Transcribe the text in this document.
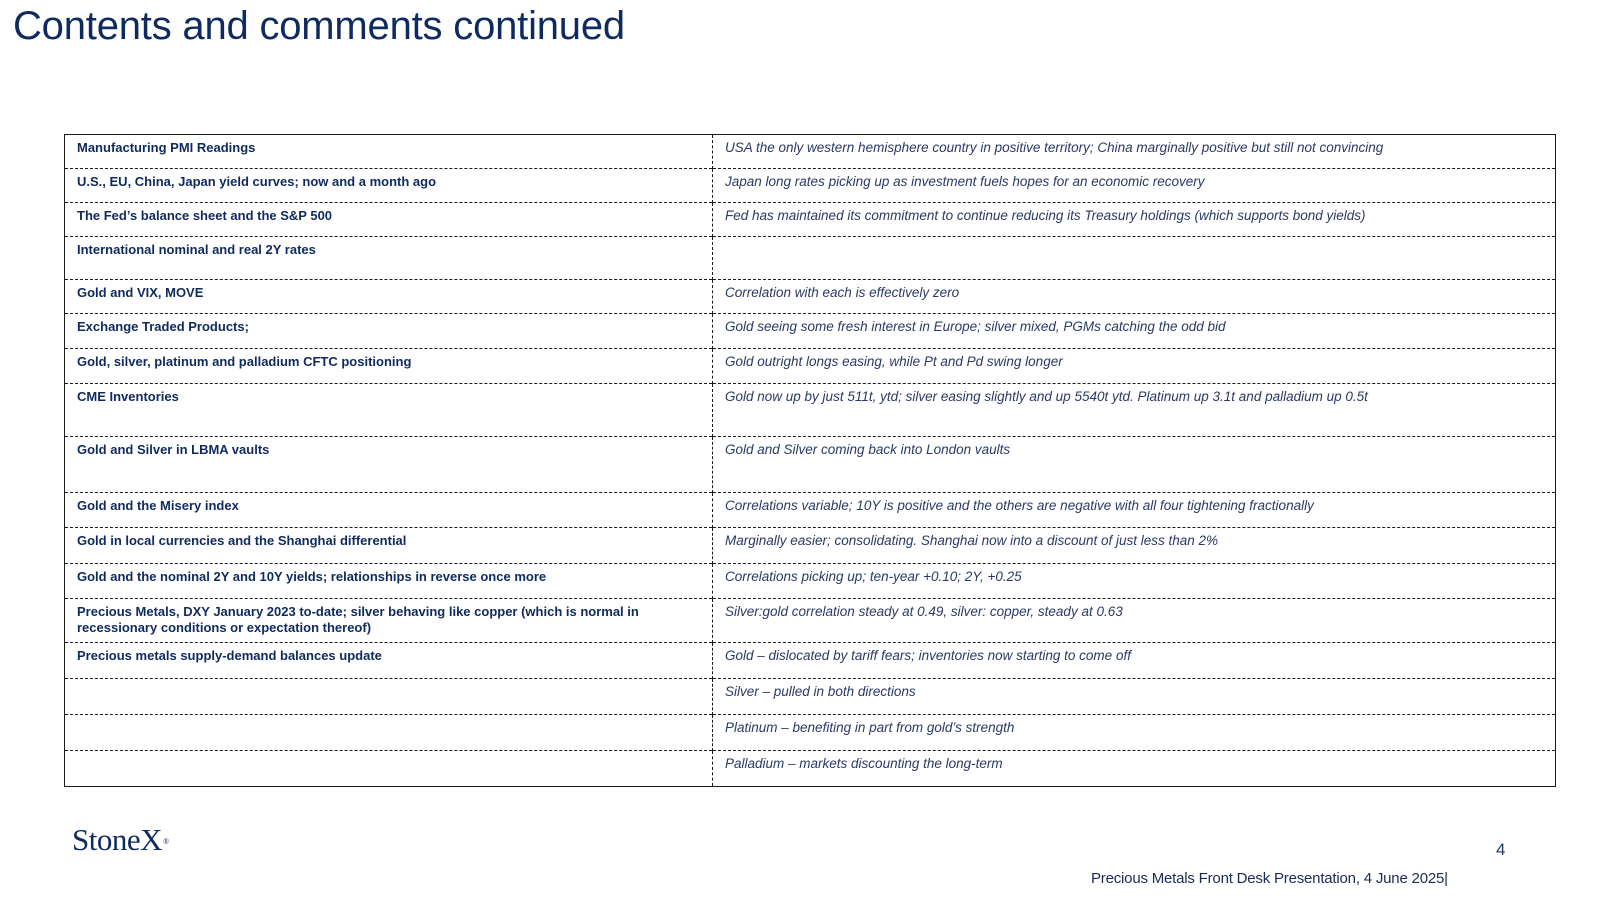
Contents and comments continued
Manufacturing PMI Readings	USA the only western hemisphere country in positive territory; China marginally positive but still not convincing
U.S., EU, China, Japan yield curves; now and a month ago	Japan long rates picking up as investment fuels hopes for an economic recovery
The Fed’s balance sheet and the S&P 500	Fed has maintained its commitment to continue reducing its Treasury holdings (which supports bond yields)
International nominal and real 2Y rates	
Gold and VIX, MOVE	Correlation with each is effectively zero
Exchange Traded Products;	Gold seeing some fresh interest in Europe; silver mixed, PGMs catching the odd bid
Gold, silver, platinum and palladium CFTC positioning	Gold outright longs easing, while Pt and Pd swing longer
CME Inventories	Gold now up by just 511t, ytd; silver easing slightly and up 5540t ytd. Platinum up 3.1t and palladium up 0.5t
Gold and Silver in LBMA vaults	Gold and Silver coming back into London vaults
Gold and the Misery index	Correlations variable; 10Y is positive and the others are negative with all four tightening fractionally
Gold in local currencies and the Shanghai differential	Marginally easier; consolidating. Shanghai now into a discount of just less than 2%
Gold and the nominal 2Y and 10Y yields; relationships in reverse once more	Correlations picking up; ten-year +0.10; 2Y, +0.25
Precious Metals, DXY January 2023 to-date; silver behaving like copper (which is normal in recessionary conditions or expectation thereof)	Silver:gold correlation steady at 0.49, silver: copper, steady at 0.63
Precious metals supply-demand balances update	Gold – dislocated by tariff fears; inventories now starting to come off
	Silver – pulled in both directions
	Platinum – benefiting in part from gold’s strength
	Palladium – markets discounting the long-term
StoneX®	4
Precious Metals Front Desk Presentation, 4 June 2025|
